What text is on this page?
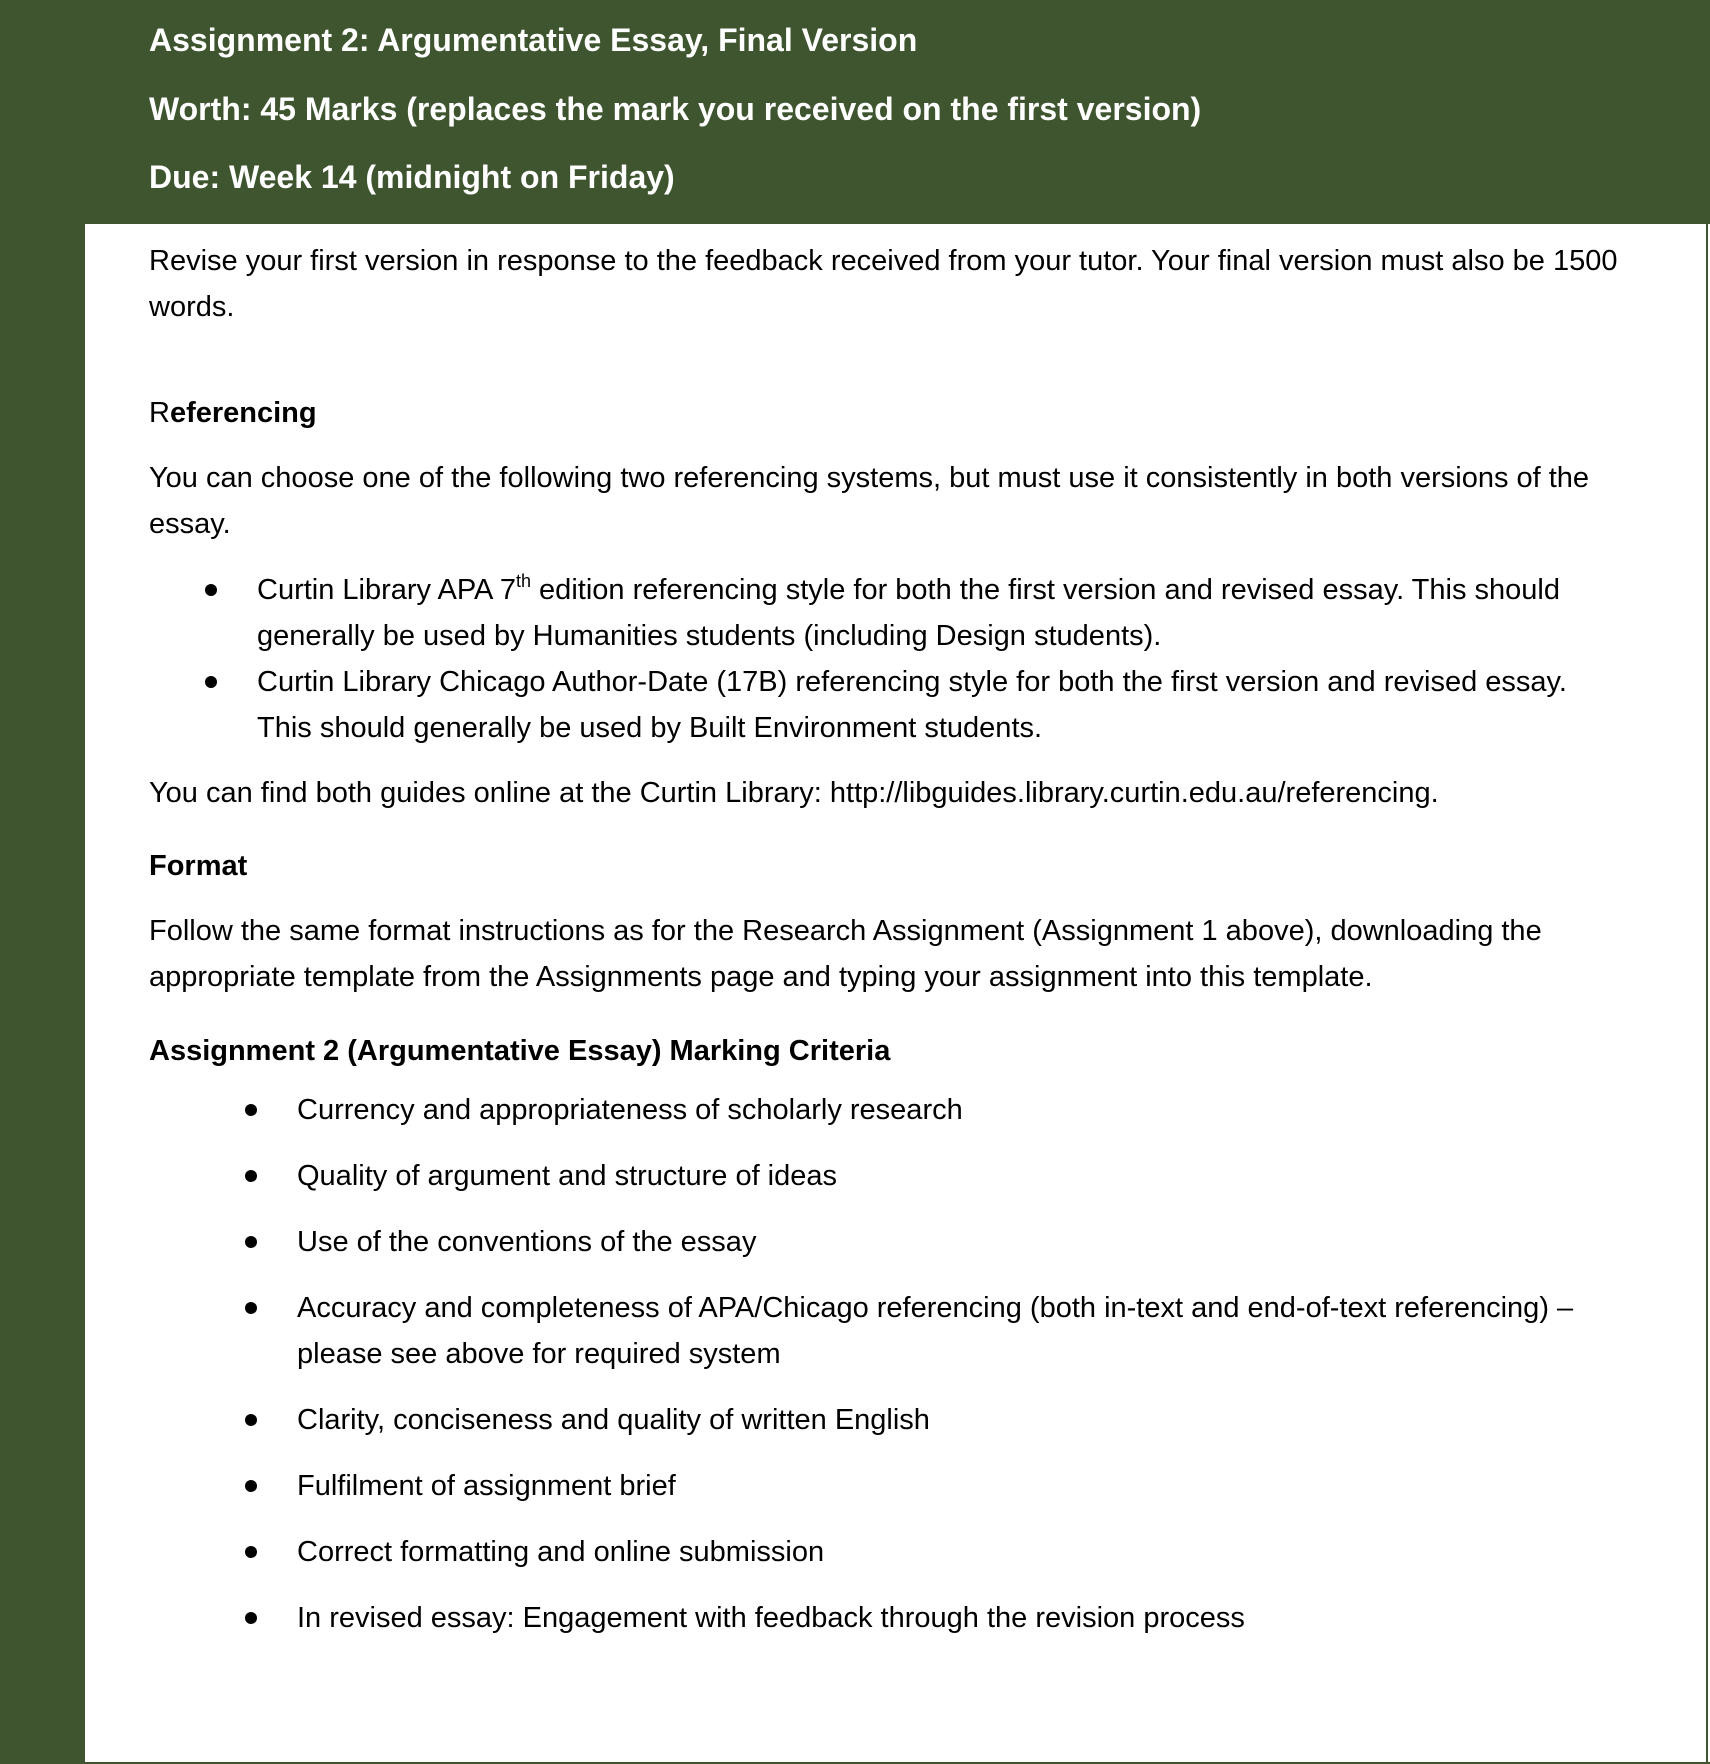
Assignment 2: Argumentative Essay, Final Version
Worth: 45 Marks (replaces the mark you received on the first version)
Due: Week 14 (midnight on Friday)

Revise your first version in response to the feedback received from your tutor. Your final version must also be 1500 words.

Referencing

You can choose one of the following two referencing systems, but must use it consistently in both versions of the essay.

Curtin Library APA 7th edition referencing style for both the first version and revised essay. This should generally be used by Humanities students (including Design students).
Curtin Library Chicago Author-Date (17B) referencing style for both the first version and revised essay. This should generally be used by Built Environment students.

You can find both guides online at the Curtin Library: http://libguides.library.curtin.edu.au/referencing.

Format

Follow the same format instructions as for the Research Assignment (Assignment 1 above), downloading the appropriate template from the Assignments page and typing your assignment into this template.

Assignment 2 (Argumentative Essay) Marking Criteria

Currency and appropriateness of scholarly research
Quality of argument and structure of ideas
Use of the conventions of the essay
Accuracy and completeness of APA/Chicago referencing (both in-text and end-of-text referencing) – please see above for required system
Clarity, conciseness and quality of written English
Fulfilment of assignment brief
Correct formatting and online submission
In revised essay: Engagement with feedback through the revision process
